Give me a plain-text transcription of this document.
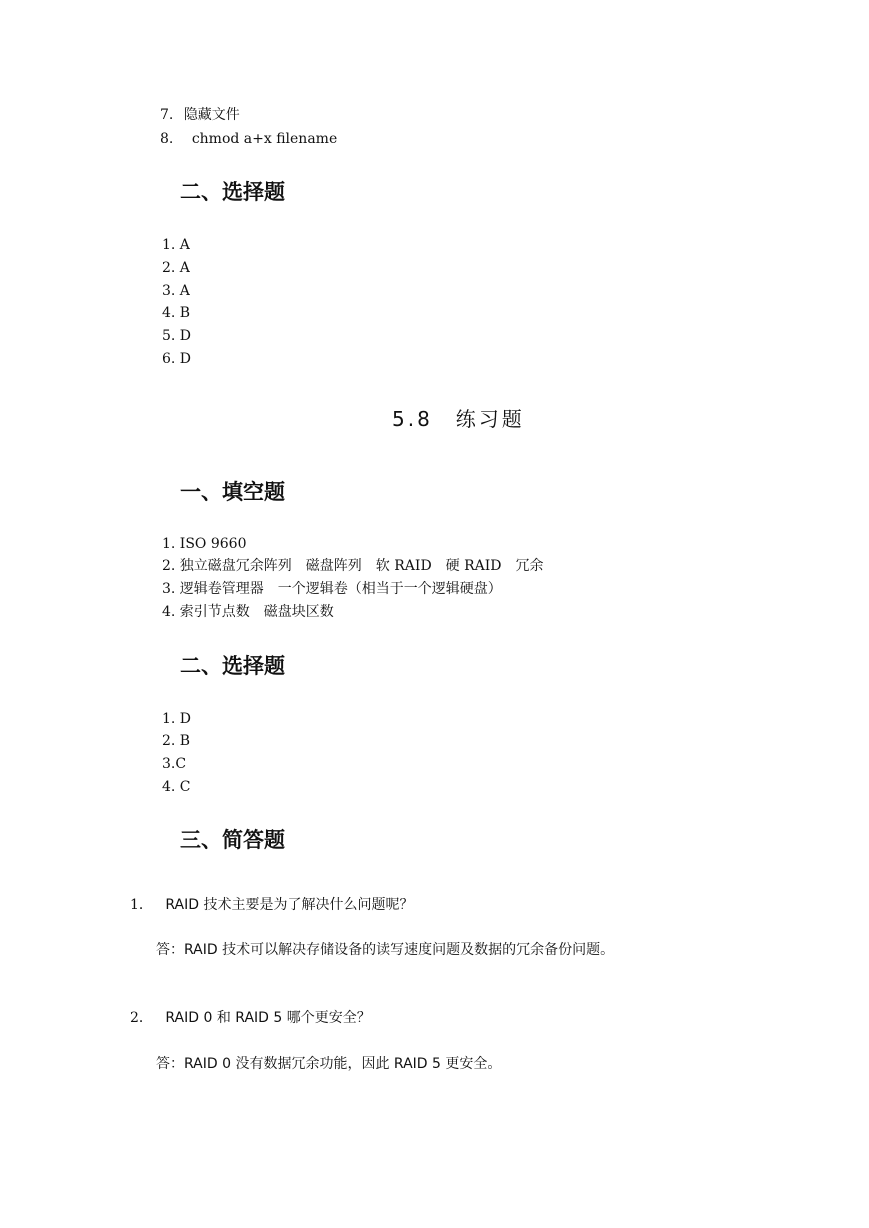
7. 隐藏文件
8. chmod a+x filename
二、选择题
1. A
2. A
3. A
4. B
5. D
6. D
5.8　练习题
一、填空题
1. ISO 9660
2. 独立磁盘冗余阵列　磁盘阵列　软 RAID　硬 RAID　冗余
3. 逻辑卷管理器　一个逻辑卷（相当于一个逻辑硬盘）
4. 索引节点数　磁盘块区数
二、选择题
1. D
2. B
3.C
4. C
三、简答题
1． RAID 技术主要是为了解决什么问题呢？
答：RAID 技术可以解决存储设备的读写速度问题及数据的冗余备份问题。
2． RAID 0 和 RAID 5 哪个更安全？
答：RAID 0 没有数据冗余功能，因此 RAID 5 更安全。
